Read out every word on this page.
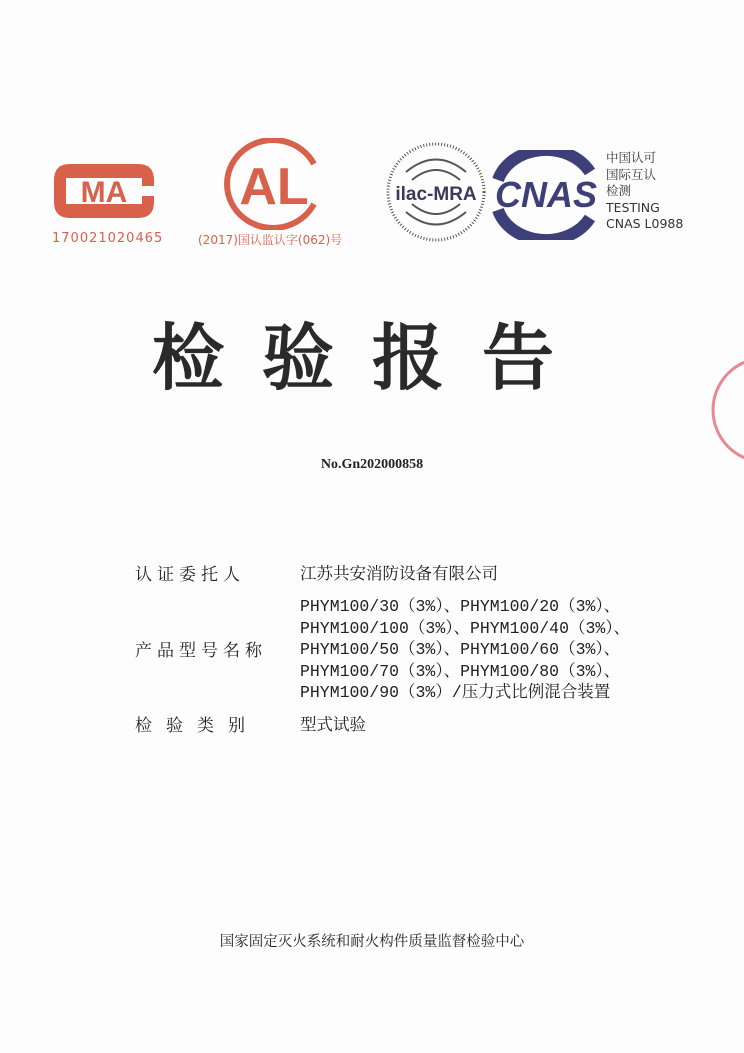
MA
170021020465
AL
(2017)国认监认字(062)号
ilac-MRA CNAS
中国认可
国际互认
检测
TESTING
CNAS L0988
检验报告
No.Gn202000858
认证委托人	江苏共安消防设备有限公司
产品型号名称
PHYM100/30（3%）、PHYM100/20（3%）、
PHYM100/100（3%）、PHYM100/40（3%）、
PHYM100/50（3%）、PHYM100/60（3%）、
PHYM100/70（3%）、PHYM100/80（3%）、
PHYM100/90（3%）/压力式比例混合装置
检验类别 型式试验
国家固定灭火系统和耐火构件质量监督检验中心
